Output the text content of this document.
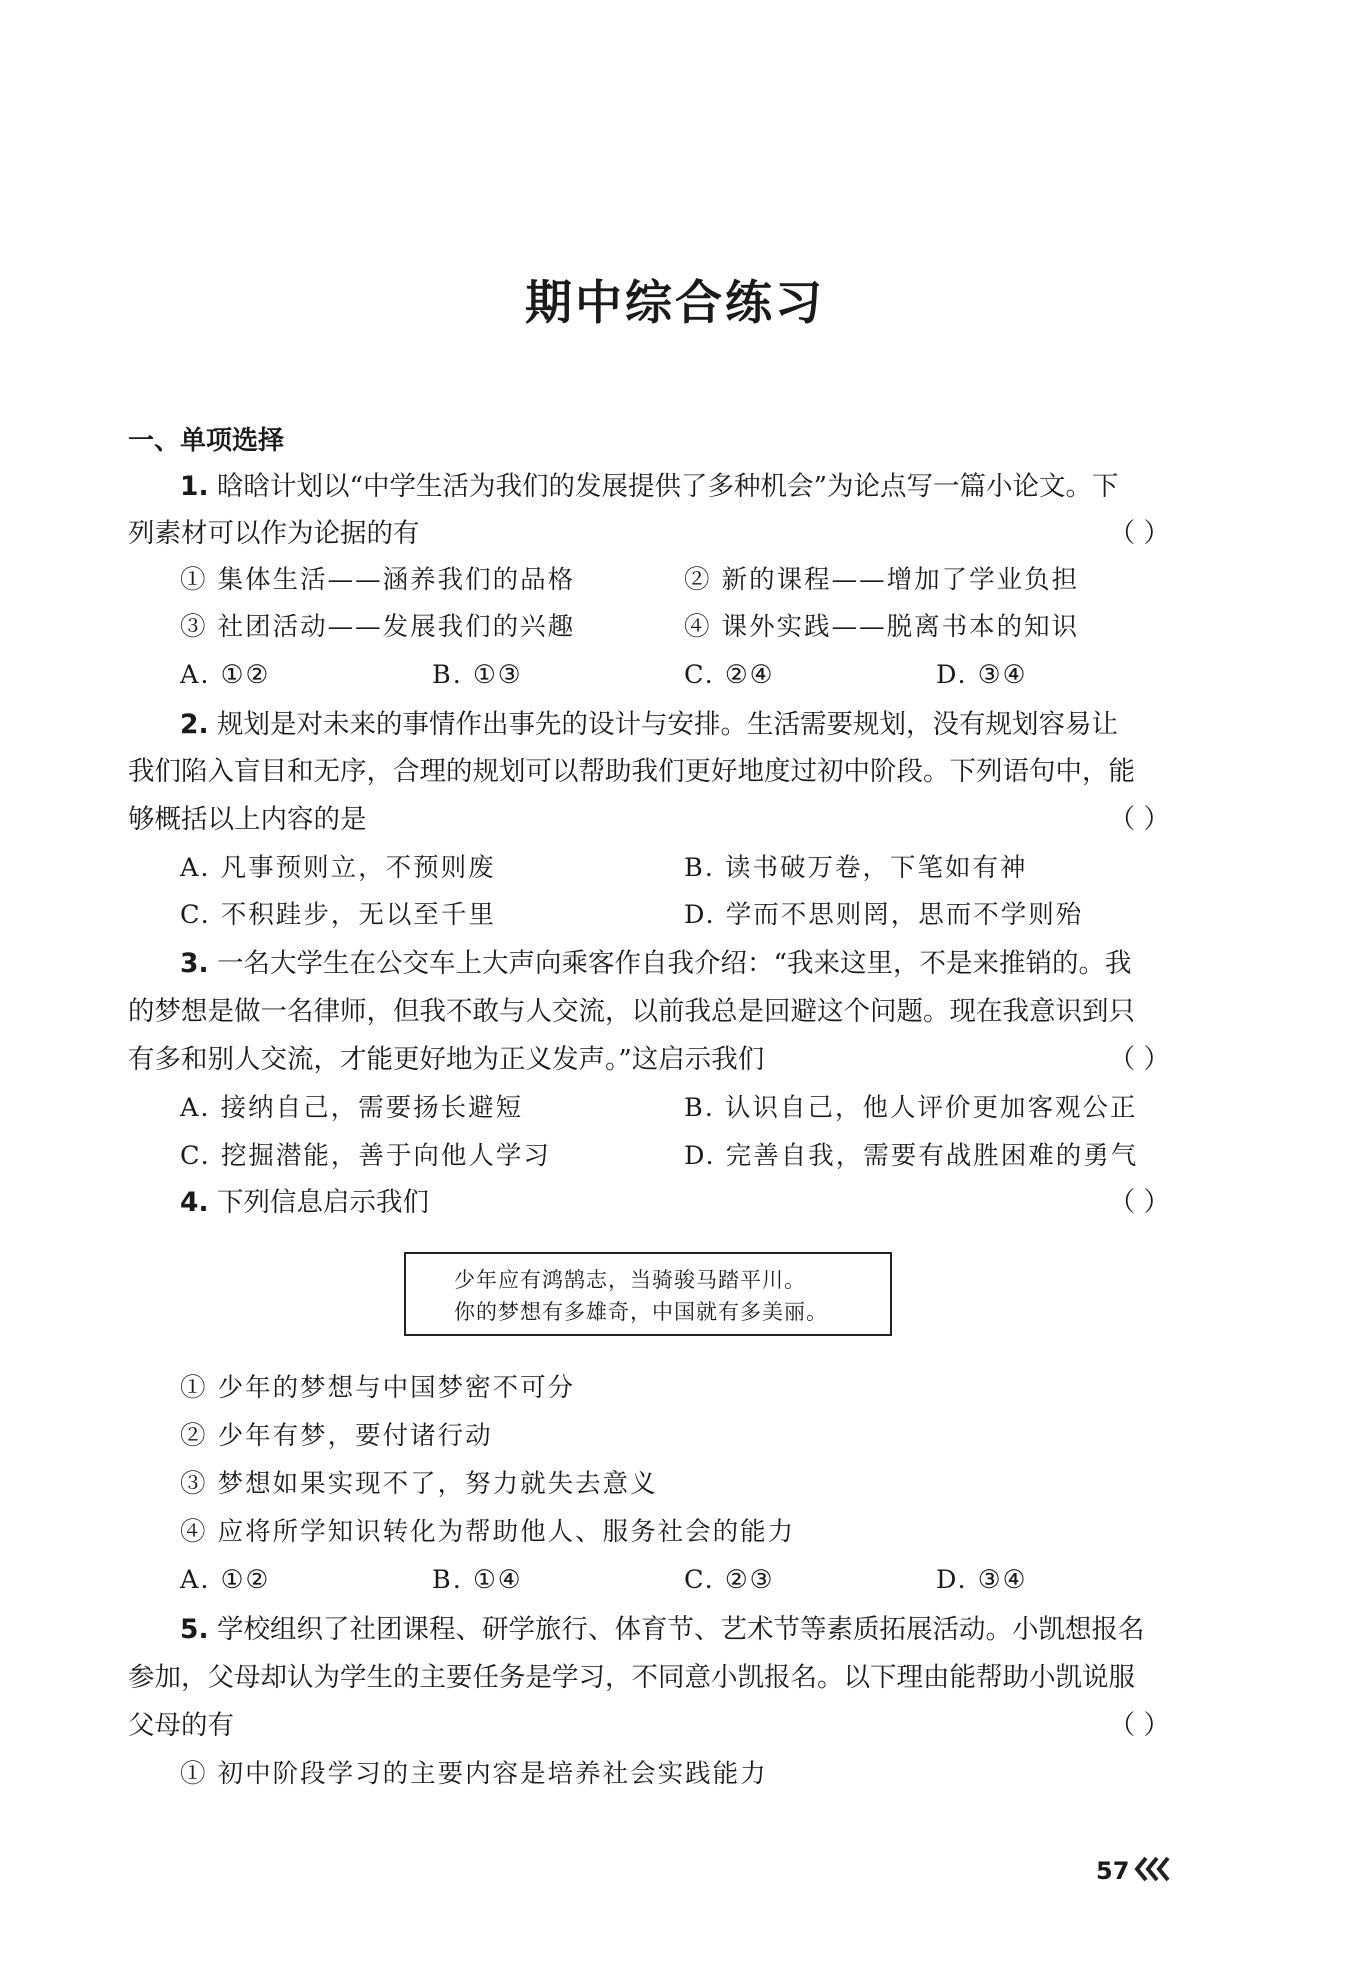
期中综合练习
一、单项选择
1. 晗晗计划以“中学生活为我们的发展提供了多种机会”为论点写一篇小论文。下
列素材可以作为论据的有	（ ）
① 集体生活——涵养我们的品格	② 新的课程——增加了学业负担
③ 社团活动——发展我们的兴趣	④ 课外实践——脱离书本的知识
A. ①②	B. ①③	C. ②④	D. ③④
2. 规划是对未来的事情作出事先的设计与安排。生活需要规划，没有规划容易让
我们陷入盲目和无序，合理的规划可以帮助我们更好地度过初中阶段。下列语句中，能
够概括以上内容的是	（ ）
A. 凡事预则立，不预则废	B. 读书破万卷，下笔如有神
C. 不积跬步，无以至千里	D. 学而不思则罔，思而不学则殆
3. 一名大学生在公交车上大声向乘客作自我介绍：“我来这里，不是来推销的。我
的梦想是做一名律师，但我不敢与人交流，以前我总是回避这个问题。现在我意识到只
有多和别人交流，才能更好地为正义发声。”这启示我们	（ ）
A. 接纳自己，需要扬长避短	B. 认识自己，他人评价更加客观公正
C. 挖掘潜能，善于向他人学习	D. 完善自我，需要有战胜困难的勇气
4. 下列信息启示我们	（ ）
少年应有鸿鹄志，当骑骏马踏平川。
你的梦想有多雄奇，中国就有多美丽。
① 少年的梦想与中国梦密不可分
② 少年有梦，要付诸行动
③ 梦想如果实现不了，努力就失去意义
④ 应将所学知识转化为帮助他人、服务社会的能力
A. ①②	B. ①④	C. ②③	D. ③④
5. 学校组织了社团课程、研学旅行、体育节、艺术节等素质拓展活动。小凯想报名
参加，父母却认为学生的主要任务是学习，不同意小凯报名。以下理由能帮助小凯说服
父母的有	（ ）
① 初中阶段学习的主要内容是培养社会实践能力
57
